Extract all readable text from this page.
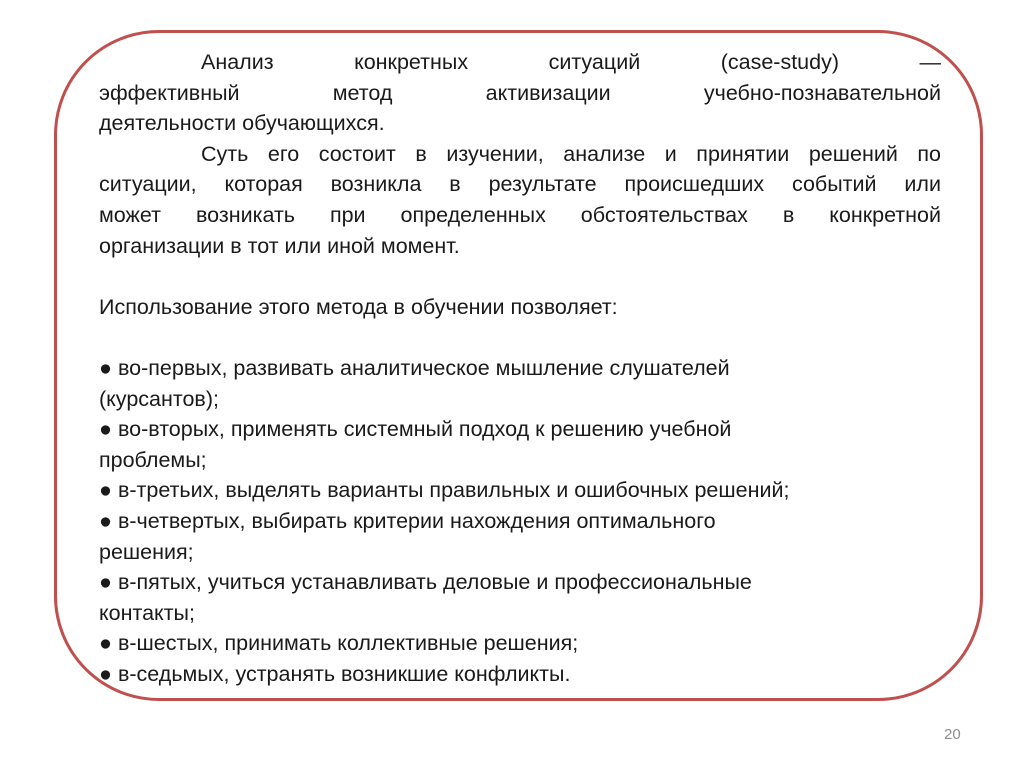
Анализ конкретных ситуаций (case-study) —

эффективный метод активизации учебно-познавательной

деятельности обучающихся.

Суть его состоит в изучении, анализе и принятии решений по

ситуации, которая возникла в результате происшедших событий или

может возникать при определенных обстоятельствах в конкретной

организации в тот или иной момент.

Использование этого метода в обучении позволяет:

● во-первых, развивать аналитическое мышление слушателей

(курсантов);

● во-вторых, применять системный подход к решению учебной

проблемы;

● в-третьих, выделять варианты правильных и ошибочных решений;

● в-четвертых, выбирать критерии нахождения оптимального

решения;

● в-пятых, учиться устанавливать деловые и профессиональные

контакты;

● в-шестых, принимать коллективные решения;

● в-седьмых, устранять возникшие конфликты.

20
